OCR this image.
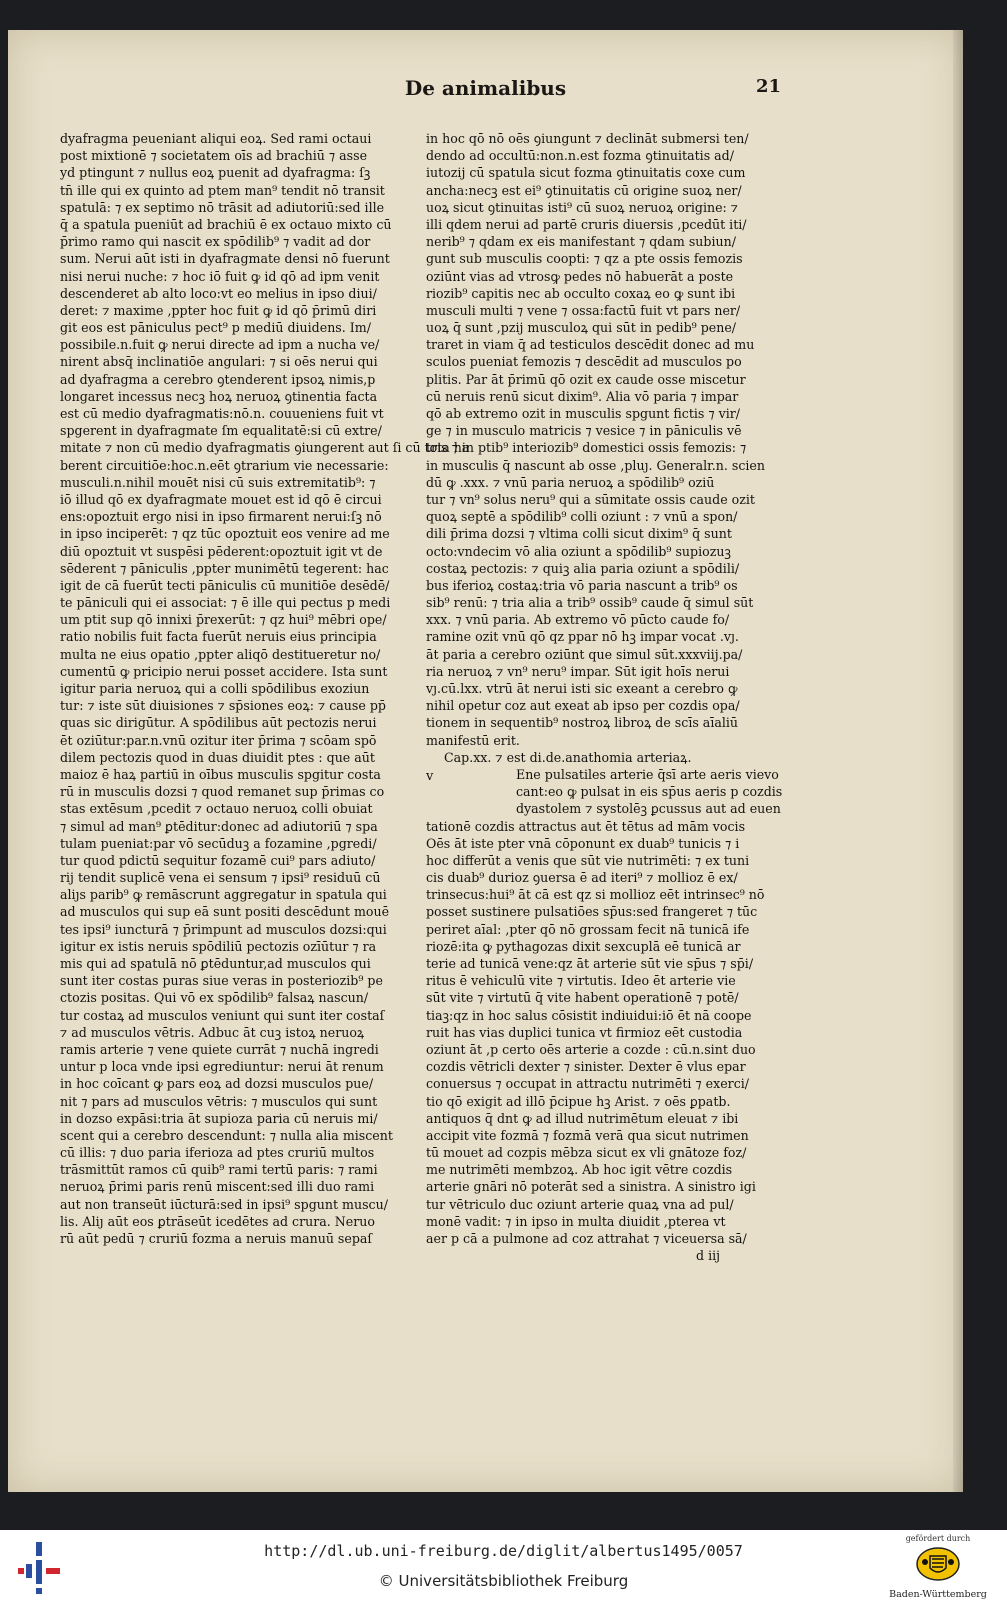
De animalibus	21
dyafragma peueniant aliqui eoꝝ. Sed rami octaui
post mixtionē ⁊ societatem oīs ad brachiū ⁊ asse
yd ptingunt ⁊ nullus eoꝝ puenit ad dyafragma: ſꝫ
tn̄ ille qui ex quinto ad ptem man⁹ tendit nō transit
spatulā: ⁊ ex septimo nō trāsit ad adiutoriū:sed ille
q̄ a spatula pueniūt ad brachiū ē ex octauo mixto cū
p̄rimo ramo qui nascit ex spōdilib⁹ ⁊ vadit ad dor
sum. Nerui aūt isti in dyafragmate densi nō fuerunt
nisi nerui nuche: ⁊ hoc iō fuit ꝙ id qō ad ipm venit
descenderet ab alto loco:vt eo melius in ipso diui/
deret: ⁊ maxime ,ppter hoc fuit ꝙ id qō p̄rimū diri
git eos est pāniculus pect⁹ p mediū diuidens. Im/
possibile.n.fuit ꝙ nerui directe ad ipm a nucha ve/
nirent absq̄ inclinatiōe angulari: ⁊ si oēs nerui qui
ad dyafragma a cerebro ꝯtenderent ipsoꝝ nimis,p
longaret incessus necꝫ hoꝝ neruoꝝ ꝯtinentia facta
est cū medio dyafragmatis:nō.n. couueniens fuit vt
spgerent in dyafragmate ſm equalitatē:si cū extre/
mitate ⁊ non cū medio dyafragmatis ꝯiungerent aut ſi cū tota ha
berent circuitiōe:hoc.n.eēt ꝯtrarium vie necessarie:
musculi.n.nihil mouēt nisi cū suis extremitatib⁹: ⁊
iō illud qō ex dyafragmate mouet est id qō ē circui
ens:opoztuit ergo nisi in ipso firmarent nerui:ſꝫ nō
in ipso inciperēt: ⁊ qz tūc opoztuit eos venire ad me
diū opoztuit vt suspēsi pēderent:opoztuit igit vt de
sēderent ⁊ pāniculis ,ppter munimētū tegerent: hac
igit de cā fuerūt tecti pāniculis cū munitiōe desēdē/
te pāniculi qui ei associat: ⁊ ē ille qui pectus p medi
um ptit sup qō innixi p̄rexerūt: ⁊ qz hui⁹ mēbri ope/
ratio nobilis fuit facta fuerūt neruis eius principia
multa ne eius opatio ,ppter aliqō destitueretur no/
cumentū ꝙ pricipio nerui posset accidere. Ista sunt
igitur paria neruoꝝ qui a colli spōdilibus exoziun
tur: ⁊ iste sūt diuisiones ⁊ sp̄siones eoꝝ: ⁊ cause pp̄
quas sic dirigūtur. A spōdilibus aūt pectozis nerui
ēt oziūtur:par.n.vnū ozitur iter p̄rima ⁊ scōam spō
dilem pectozis quod in duas diuidit ptes : que aūt
maioz ē haꝝ partiū in oībus musculis spgitur costa
rū in musculis dozsi ⁊ quod remanet sup p̄rimas co
stas extēsum ,pcedit ⁊ octauo neruoꝝ colli obuiat
⁊ simul ad man⁹ ꝑtēditur:donec ad adiutoriū ⁊ spa
tulam pueniat:par vō secūduꝫ a fozamine ,pgredi/
tur quod pdictū sequitur fozamē cui⁹ pars adiuto/
rij tendit suplicē vena ei sensum ⁊ ipsi⁹ residuū cū
aliȷs parib⁹ ꝙ remāscrunt aggregatur in spatula qui
ad musculos qui sup eā sunt positi descēdunt mouē
tes ipsi⁹ iuncturā ⁊ p̄rimpunt ad musculos dozsi:qui
igitur ex istis neruis spōdiliū pectozis ozīūtur ⁊ ra
mis qui ad spatulā nō ꝑtēduntur,ad musculos qui
sunt iter costas puras siue veras in posteriozib⁹ pe
ctozis positas. Qui vō ex spōdilib⁹ falsaꝝ nascun/
tur costaꝝ ad musculos veniunt qui sunt iter costaſ
⁊ ad musculos vētris. Adbuc āt cuꝫ istoꝝ neruoꝝ
ramis arterie ⁊ vene quiete currāt ⁊ nuchā ingredi
untur p loca vnde ipsi egrediuntur: nerui āt renum
in hoc coīcant ꝙ pars eoꝝ ad dozsi musculos pue/
nit ⁊ pars ad musculos vētris: ⁊ musculos qui sunt
in dozso expāsi:tria āt supioza paria cū neruis mi/
scent qui a cerebro descendunt: ⁊ nulla alia miscent
cū illis: ⁊ duo paria iferioza ad ptes cruriū multos
trāsmittūt ramos cū quib⁹ rami tertū paris: ⁊ rami
neruoꝝ p̄rimi paris renū miscent:sed illi duo rami
aut non transeūt iūcturā:sed in ipsi⁹ spgunt muscu/
lis. Aliȷ aūt eos ꝑtrāseūt icedētes ad crura. Neruo
rū aūt pedū ⁊ cruriū fozma a neruis manuū sepaſ
in hoc qō nō oēs ꝯiungunt ⁊ declināt submersi ten/
dendo ad occultū:non.n.est fozma ꝯtinuitatis ad/
iutozij cū spatula sicut fozma ꝯtinuitatis coxe cum
ancha:necꝫ est ei⁹ ꝯtinuitatis cū origine suoꝝ ner/
uoꝝ sicut ꝯtinuitas isti⁹ cū suoꝝ neruoꝝ origine: ⁊
illi qdem nerui ad partē cruris diuersis ,pcedūt iti/
nerib⁹ ⁊ qdam ex eis manifestant ⁊ qdam subiun/
gunt sub musculis coopti: ⁊ qz a pte ossis femozis
oziūnt vias ad vtrosꝙ pedes nō habuerāt a poste
riozib⁹ capitis nec ab occulto coxaꝝ eo ꝙ sunt ibi
musculi multi ⁊ vene ⁊ ossa:factū fuit vt pars ner/
uoꝝ q̄ sunt ,pzij musculoꝝ qui sūt in pedib⁹ pene/
traret in viam q̄ ad testiculos descēdit donec ad mu
sculos pueniat femozis ⁊ descēdit ad musculos po
plitis. Par āt p̄rimū qō ozit ex caude osse miscetur
cū neruis renū sicut dixim⁹. Alia vō paria ⁊ impar
qō ab extremo ozit in musculis spgunt fictis ⁊ vir/
ge ⁊ in musculo matricis ⁊ vesice ⁊ in pāniculis vē
tris ⁊ in ptib⁹ interiozib⁹ domestici ossis femozis: ⁊
in musculis q̄ nascunt ab osse ,pluȷ. Generalr.n. scien
dū ꝙ .xxx. ⁊ vnū paria neruoꝝ a spōdilib⁹ oziū
tur ⁊ vn⁹ solus neru⁹ qui a sūmitate ossis caude ozit
quoꝝ septē a spōdilib⁹ colli oziunt : ⁊ vnū a spon/
dili p̄rima dozsi ⁊ vltima colli sicut dixim⁹ q̄ sunt
octo:vndecim vō alia oziunt a spōdilib⁹ supiozuꝫ
costaꝝ pectozis: ⁊ quiꝫ alia paria oziunt a spōdili/
bus iferioꝝ costaꝝ:tria vō paria nascunt a trib⁹ os
sib⁹ renū: ⁊ tria alia a trib⁹ ossib⁹ caude q̄ simul sūt
xxx. ⁊ vnū paria. Ab extremo vō pūcto caude fo/
ramine ozit vnū qō qz ppar nō hꝫ impar vocat .vȷ.
āt paria a cerebro oziūnt que simul sūt.xxxviij.pa/
ria neruoꝝ ⁊ vn⁹ neru⁹ impar. Sūt igit hoīs nerui
vȷ.cū.lxx. vtrū āt nerui isti sic exeant a cerebro ꝙ
nihil opetur coz aut exeat ab ipso per cozdis opa/
tionem in sequentib⁹ nostroꝝ libroꝝ de scīs aīaliū
manifestū erit.
Cap.xx. ⁊ est di.de.anathomia arteriaꝝ.
v	Ene pulsatiles arterie q̄sī arte aeris vievo
cant:eo ꝙ pulsat in eis sp̄us aeris p cozdis
dyastolem ⁊ systolēꝫ ꝑcussus aut ad euen
tationē cozdis attractus aut ēt tētus ad mām vocis
Oēs āt iste pter vnā cōponunt ex duab⁹ tunicis ⁊ i
hoc differūt a venis que sūt vie nutrimēti: ⁊ ex tuni
cis duab⁹ durioz ꝯuersa ē ad iteri⁹ ⁊ mollioz ē ex/
trinsecus:hui⁹ āt cā est qz si mollioz eēt intrinsec⁹ nō
posset sustinere pulsatiōes sp̄us:sed frangeret ⁊ tūc
periret aīal: ,pter qō nō grossam fecit nā tunicā ife
riozē:ita ꝙ pythagozas dixit sexcuplā eē tunicā ar
terie ad tunicā vene:qz āt arterie sūt vie sp̄us ⁊ sp̄i/
ritus ē vehiculū vite ⁊ virtutis. Ideo ēt arterie vie
sūt vite ⁊ virtutū q̄ vite habent operationē ⁊ potē/
tiaꝫ:qz in hoc salus cōsistit indiuidui:iō ēt nā coope
ruit has vias duplici tunica vt firmioz eēt custodia
oziunt āt ,p certo oēs arterie a cozde : cū.n.sint duo
cozdis vētricli dexter ⁊ sinister. Dexter ē vlus epar
conuersus ⁊ occupat in attractu nutrimēti ⁊ exerci/
tio qō exigit ad illō p̄cipue hꝫ Arist. ⁊ oēs ꝑpatb.
antiquos q̄ dnt ꝙ ad illud nutrimētum eleuat ⁊ ibi
accipit vite fozmā ⁊ fozmā verā qua sicut nutrimen
tū mouet ad cozpis mēbza sicut ex vli gnātoze foz/
me nutrimēti membzoꝝ. Ab hoc igit vētre cozdis
arterie gnāri nō poterāt sed a sinistra. A sinistro igi
tur vētriculo duc oziunt arterie quaꝝ vna ad pul/
monē vadit: ⁊ in ipso in multa diuidit ,pterea vt
aer p cā a pulmone ad coz attrahat ⁊ viceuersa sā/
d iij
http://dl.ub.uni-freiburg.de/diglit/albertus1495/0057
© Universitätsbibliothek Freiburg
gefördert durch
Baden-Württemberg
